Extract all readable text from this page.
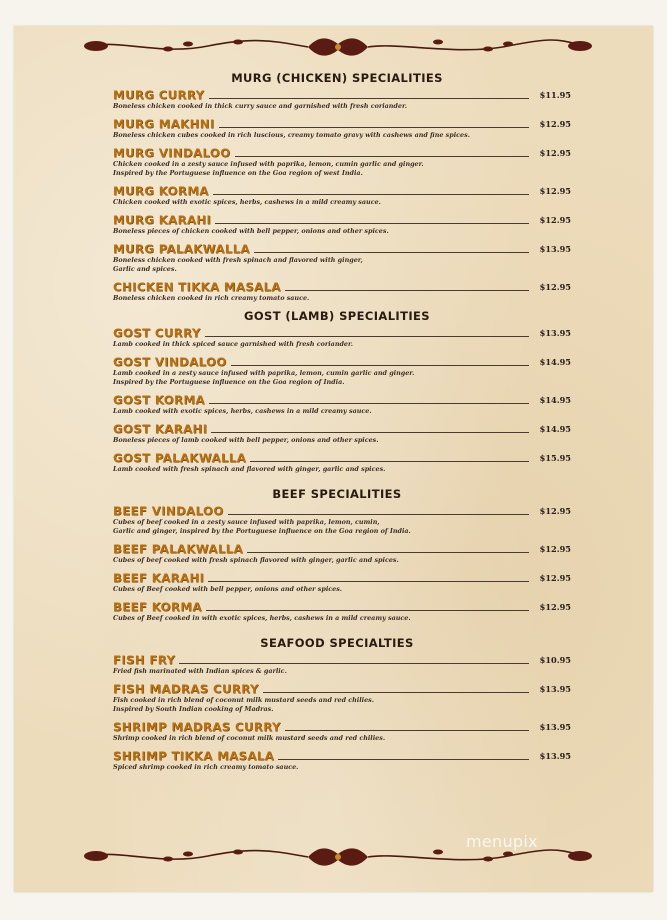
MURG (CHICKEN) SPECIALITIES
MURG CURRY	$11.95
Boneless chicken cooked in thick curry sauce and garnished with fresh coriander.
MURG MAKHNI	$12.95
Boneless chicken cubes cooked in rich luscious, creamy tomato gravy with cashews and fine spices.
MURG VINDALOO	$12.95
Chicken cooked in a zesty sauce infused with paprika, lemon, cumin garlic and ginger.
Inspired by the Portuguese influence on the Goa region of west India.
MURG KORMA	$12.95
Chicken cooked with exotic spices, herbs, cashews in a mild creamy sauce.
MURG KARAHI	$12.95
Boneless pieces of chicken cooked with bell pepper, onions and other spices.
MURG PALAKWALLA	$13.95
Boneless chicken cooked with fresh spinach and flavored with ginger,
Garlic and spices.
CHICKEN TIKKA MASALA	$12.95
Boneless chicken cooked in rich creamy tomato sauce.
GOST (LAMB) SPECIALITIES
GOST CURRY	$13.95
Lamb cooked in thick spiced sauce garnished with fresh coriander.
GOST VINDALOO	$14.95
Lamb cooked in a zesty sauce infused with paprika, lemon, cumin garlic and ginger.
Inspired by the Portuguese influence on the Goa region of India.
GOST KORMA	$14.95
Lamb cooked with exotic spices, herbs, cashews in a mild creamy sauce.
GOST KARAHI	$14.95
Boneless pieces of lamb cooked with bell pepper, onions and other spices.
GOST PALAKWALLA	$15.95
Lamb cooked with fresh spinach and flavored with ginger, garlic and spices.
BEEF SPECIALITIES
BEEF VINDALOO	$12.95
Cubes of beef cooked in a zesty sauce infused with paprika, lemon, cumin,
Garlic and ginger, inspired by the Portuguese influence on the Goa region of India.
BEEF PALAKWALLA	$12.95
Cubes of beef cooked with fresh spinach flavored with ginger, garlic and spices.
BEEF KARAHI	$12.95
Cubes of Beef cooked with bell pepper, onions and other spices.
BEEF KORMA	$12.95
Cubes of Beef cooked in with exotic spices, herbs, cashews in a mild creamy sauce.
SEAFOOD SPECIALTIES
FISH FRY	$10.95
Fried fish marinated with Indian spices & garlic.
FISH MADRAS CURRY	$13.95
Fish cooked in rich blend of coconut milk mustard seeds and red chilies.
Inspired by South Indian cooking of Madras.
SHRIMP MADRAS CURRY	$13.95
Shrimp cooked in rich blend of coconut milk mustard seeds and red chilies.
SHRIMP TIKKA MASALA	$13.95
Spiced shrimp cooked in rich creamy tomato sauce.
menupix
